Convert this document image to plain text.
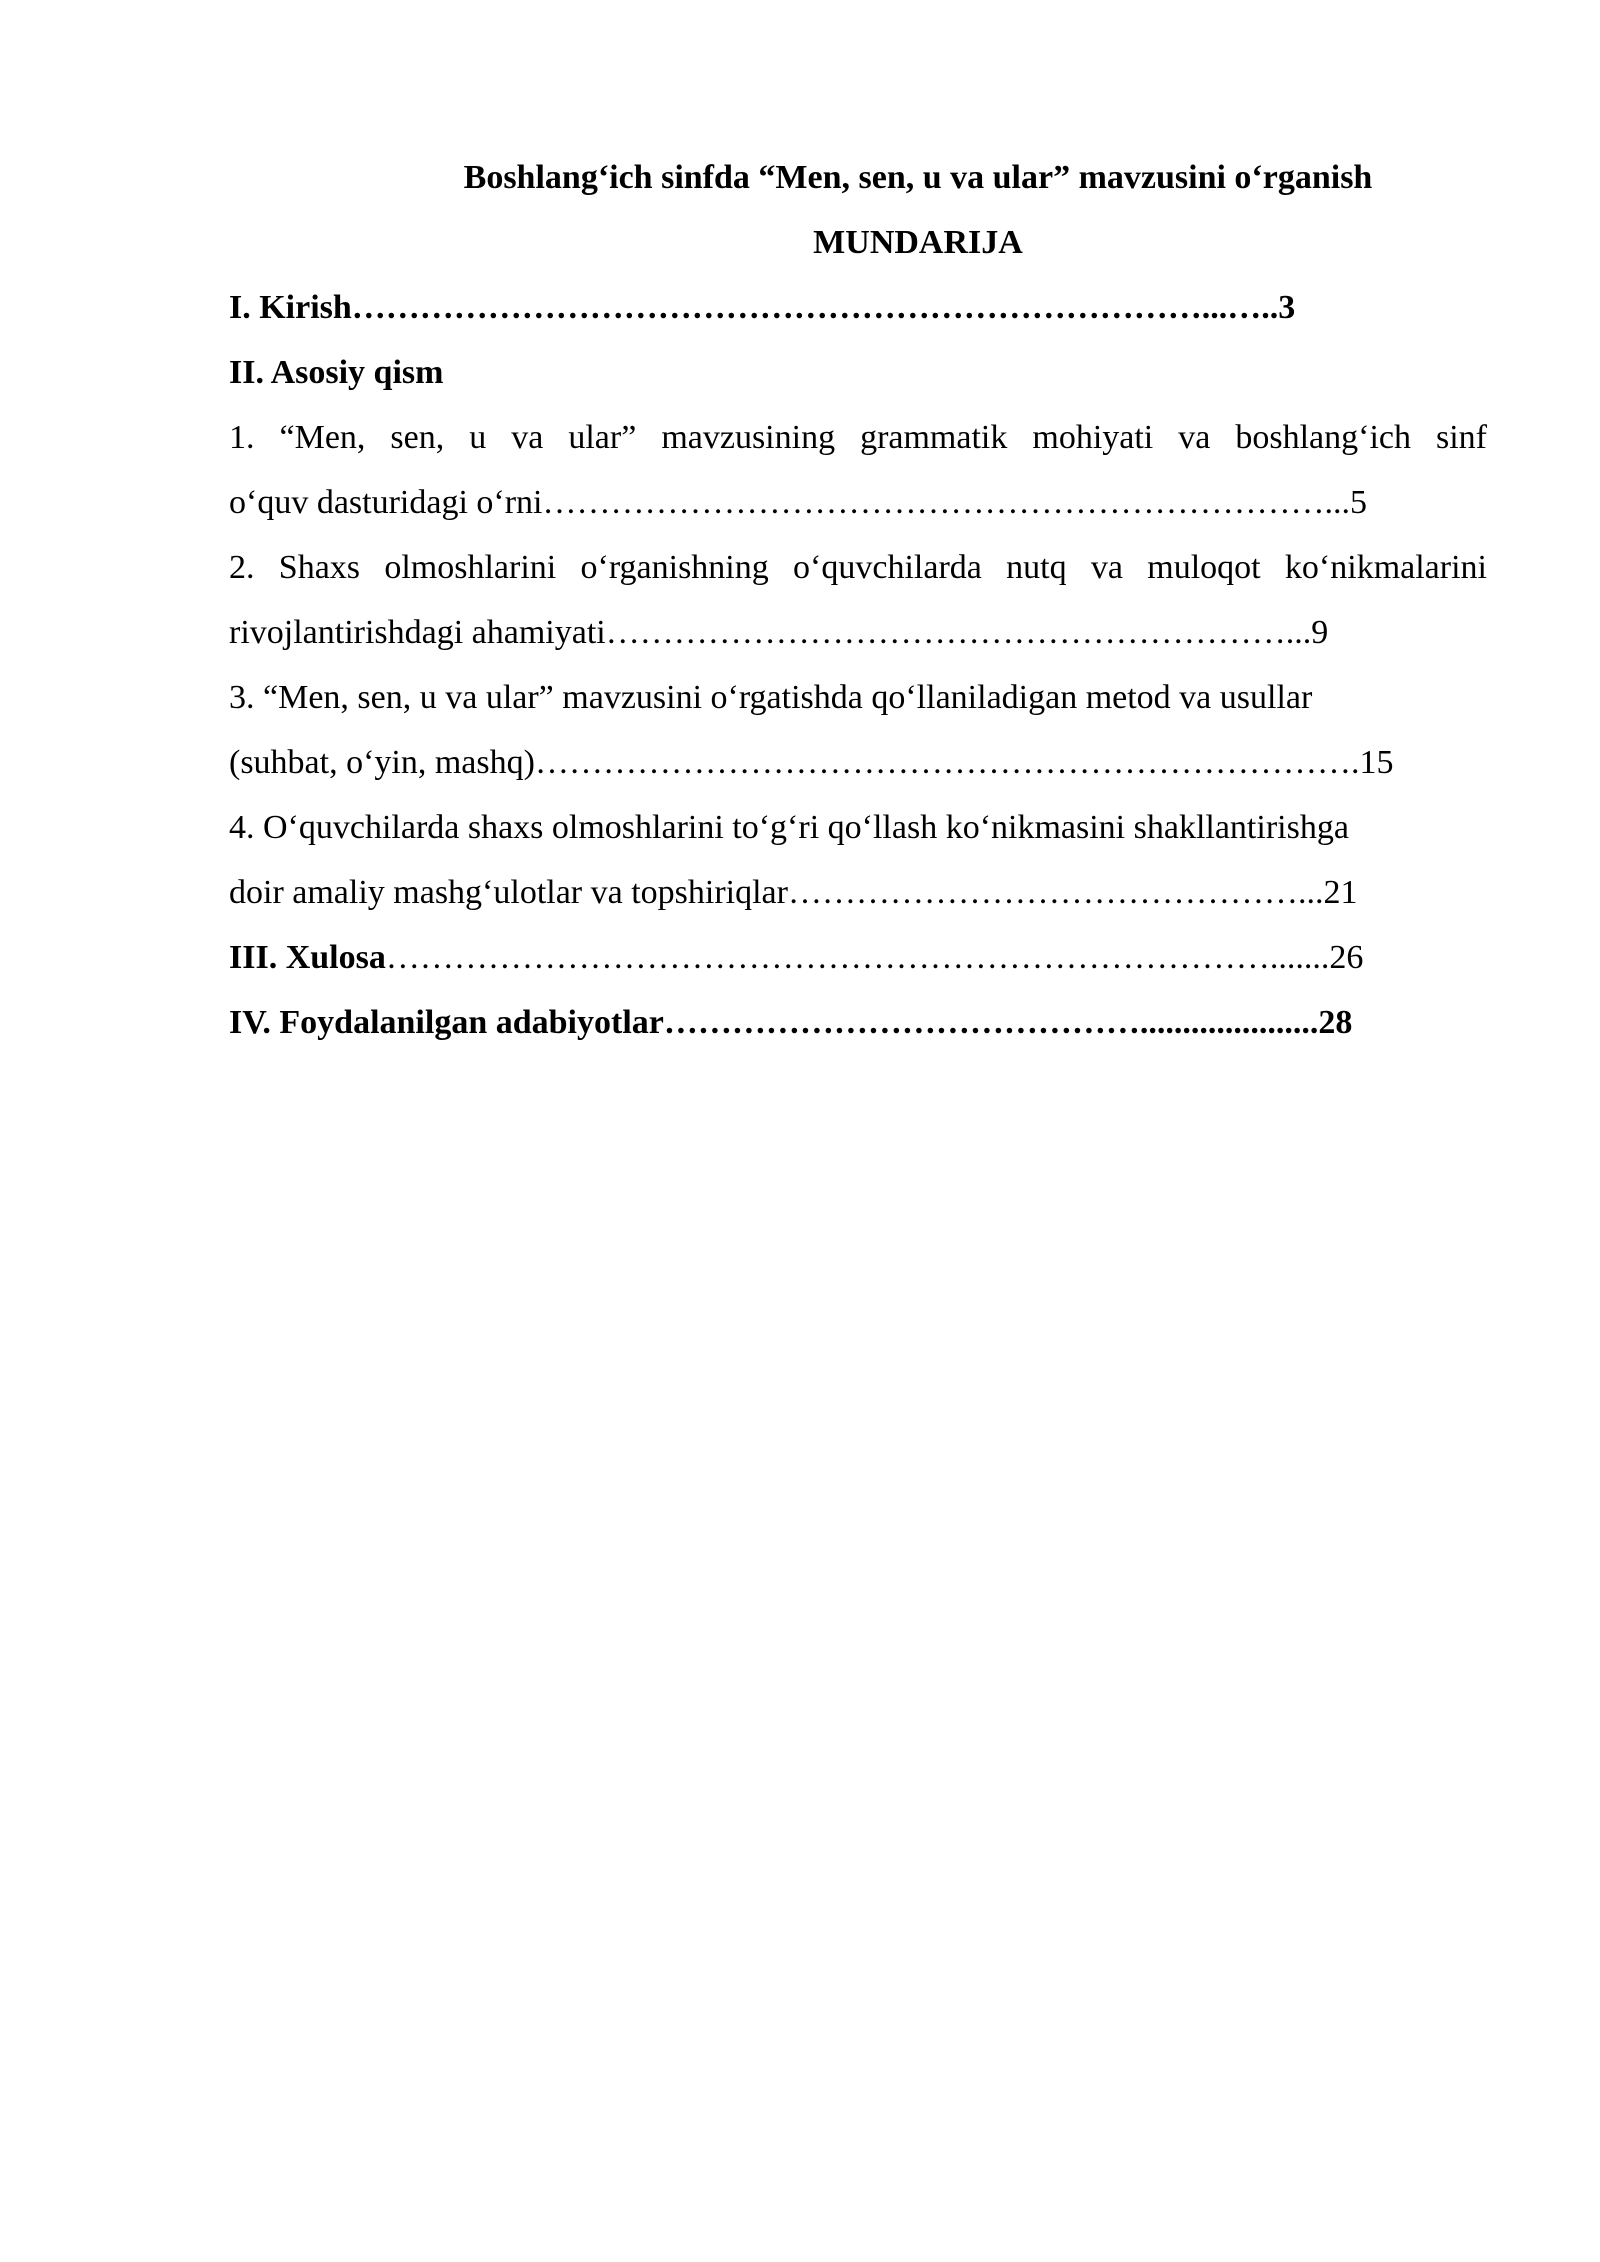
Boshlang‘ich sinfda “Men, sen, u va ular” mavzusini o‘rganish
MUNDARIJA
I. Kirish…………………………………………………………………...…..3
II. Asosiy qism
1. “Men, sen, u va ular” mavzusining grammatik mohiyati va boshlang‘ich sinf
o‘quv dasturidagi o‘rni……………………………………………………………...5
2. Shaxs olmoshlarini o‘rganishning o‘quvchilarda nutq va muloqot ko‘nikmalarini
rivojlantirishdagi ahamiyati……………………………………………………...9
3. “Men, sen, u va ular” mavzusini o‘rgatishda qo‘llaniladigan metod va usullar
(suhbat, o‘yin, mashq)……………………………………………………………….15
4. O‘quvchilarda shaxs olmoshlarini to‘g‘ri qo‘llash ko‘nikmasini shakllantirishga
doir amaliy mashg‘ulotlar va topshiriqlar………………………………………...21
III. Xulosa…………………………………………………………………….......26
IV. Foydalanilgan adabiyotlar…………………………………….....................28
